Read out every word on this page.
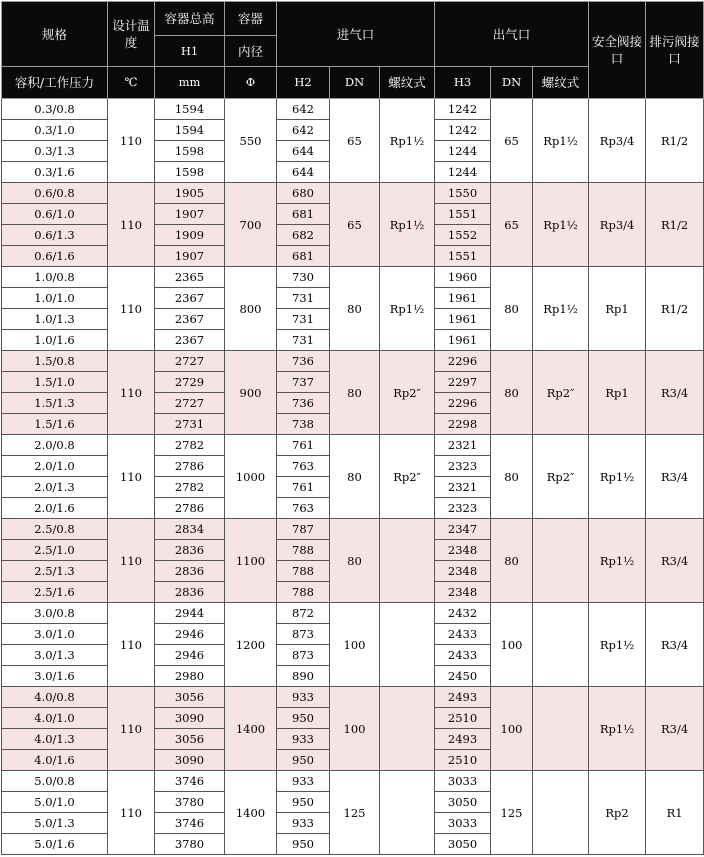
规格	设计温度	容器总高	容器	进气口			出气口			安全阀接口	排污阀接口
		H1	内径								
容积/工作压力	℃	mm	Φ	H2	DN	螺纹式	H3	DN	螺纹式		
0.3/0.8	110	1594	550	642	65	Rp1½	1242	65	Rp1½	Rp3/4	R1/2
0.3/1.0		1594		642			1242				
0.3/1.3		1598		644			1244				
0.3/1.6		1598		644			1244				
0.6/0.8	110	1905	700	680	65	Rp1½	1550	65	Rp1½	Rp3/4	R1/2
0.6/1.0		1907		681			1551				
0.6/1.3		1909		682			1552				
0.6/1.6		1907		681			1551				
1.0/0.8	110	2365	800	730	80	Rp1½	1960	80	Rp1½	Rp1	R1/2
1.0/1.0		2367		731			1961				
1.0/1.3		2367		731			1961				
1.0/1.6		2367		731			1961				
1.5/0.8	110	2727	900	736	80	Rp2″	2296	80	Rp2″	Rp1	R3/4
1.5/1.0		2729		737			2297				
1.5/1.3		2727		736			2296				
1.5/1.6		2731		738			2298				
2.0/0.8	110	2782	1000	761	80	Rp2″	2321	80	Rp2″	Rp1½	R3/4
2.0/1.0		2786		763			2323				
2.0/1.3		2782		761			2321				
2.0/1.6		2786		763			2323				
2.5/0.8	110	2834	1100	787	80		2347	80		Rp1½	R3/4
2.5/1.0		2836		788			2348				
2.5/1.3		2836		788			2348				
2.5/1.6		2836		788			2348				
3.0/0.8	110	2944	1200	872	100		2432	100		Rp1½	R3/4
3.0/1.0		2946		873			2433				
3.0/1.3		2946		873			2433				
3.0/1.6		2980		890			2450				
4.0/0.8	110	3056	1400	933	100		2493	100		Rp1½	R3/4
4.0/1.0		3090		950			2510				
4.0/1.3		3056		933			2493				
4.0/1.6		3090		950			2510				
5.0/0.8	110	3746	1400	933	125		3033	125		Rp2	R1
5.0/1.0		3780		950			3050				
5.0/1.3		3746		933			3033				
5.0/1.6		3780		950			3050				
